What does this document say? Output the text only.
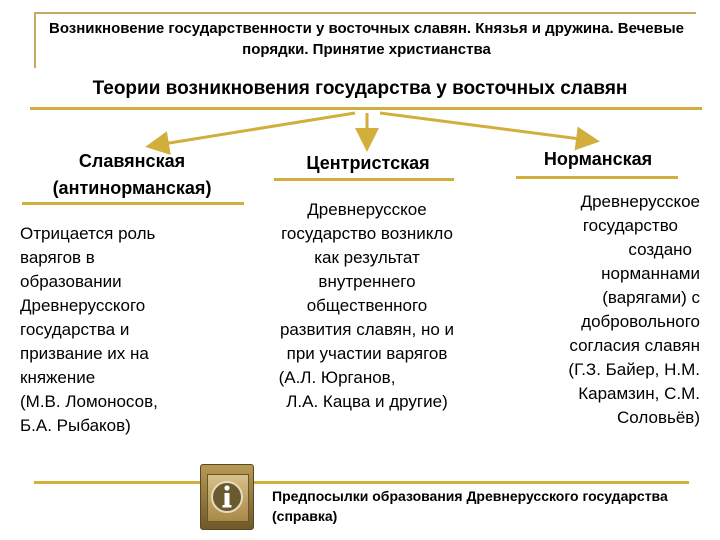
Возникновение государственности у восточных славян. Князья и дружина. Вечевые порядки. Принятие христианства
Теории возникновения государства у восточных славян
Славянская
(антинорманская)
Отрицается роль
варягов в
образовании
Древнерусского
государства и
призвание их на
княжение
(М.В. Ломоносов,
Б.А. Рыбаков)
Центристская
Древнерусское
государство возникло
как результат
внутреннего
общественного
развития славян, но и
при участии варягов
(А.Л. Юрганов,
Л.А. Кацва и другие)
Норманская
Древнерусское
государство
создано
норманнами
(варягами) с
добровольного
согласия славян
(Г.З. Байер, Н.М.
Карамзин, С.М.
Соловьёв)
Предпосылки образования Древнерусского государства (справка)
